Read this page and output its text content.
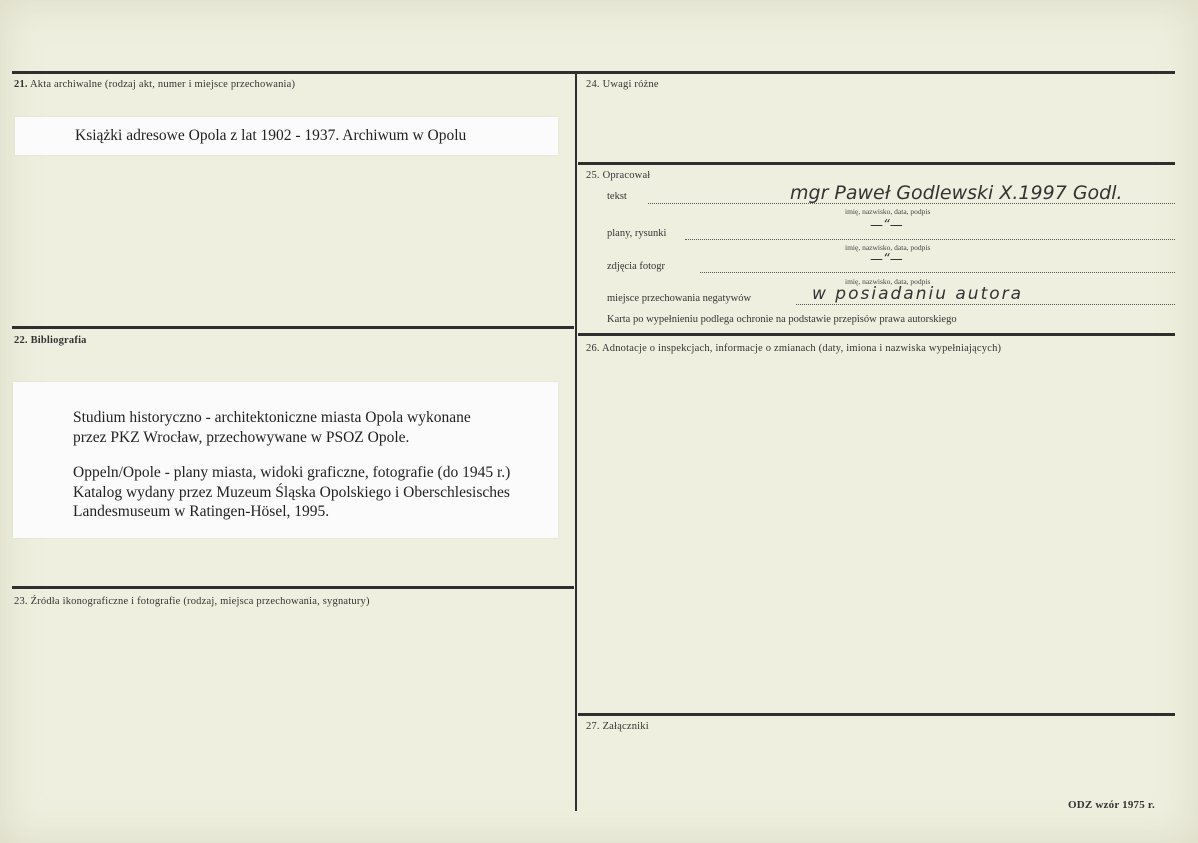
21. Akta archiwalne (rodzaj akt, numer i miejsce przechowania)
Książki adresowe Opola z lat 1902 - 1937. Archiwum w Opolu
22. Bibliografia
Studium historyczno - architektoniczne miasta Opola wykonane
przez PKZ Wrocław, przechowywane w PSOZ Opole.
Oppeln/Opole - plany miasta, widoki graficzne, fotografie (do 1945 r.)
Katalog wydany przez Muzeum Śląska Opolskiego i Oberschlesisches
Landesmuseum w Ratingen-Hösel, 1995.
23. Źródła ikonograficzne i fotografie (rodzaj, miejsca przechowania, sygnatury)
24. Uwagi różne
25. Opracował
tekst	mgr Paweł Godlewski X.1997 Godl.
imię, nazwisko, data, podpis
plany, rysunki
—“—
imię, nazwisko, data, podpis
zdjęcia fotogr	—“—
imię, nazwisko, data, podpis
miejsce przechowania negatywów	w posiadaniu autora
Karta po wypełnieniu podlega ochronie na podstawie przepisów prawa autorskiego
26. Adnotacje o inspekcjach, informacje o zmianach (daty, imiona i nazwiska wypełniających)
27. Załączniki
ODZ wzór 1975 r.
